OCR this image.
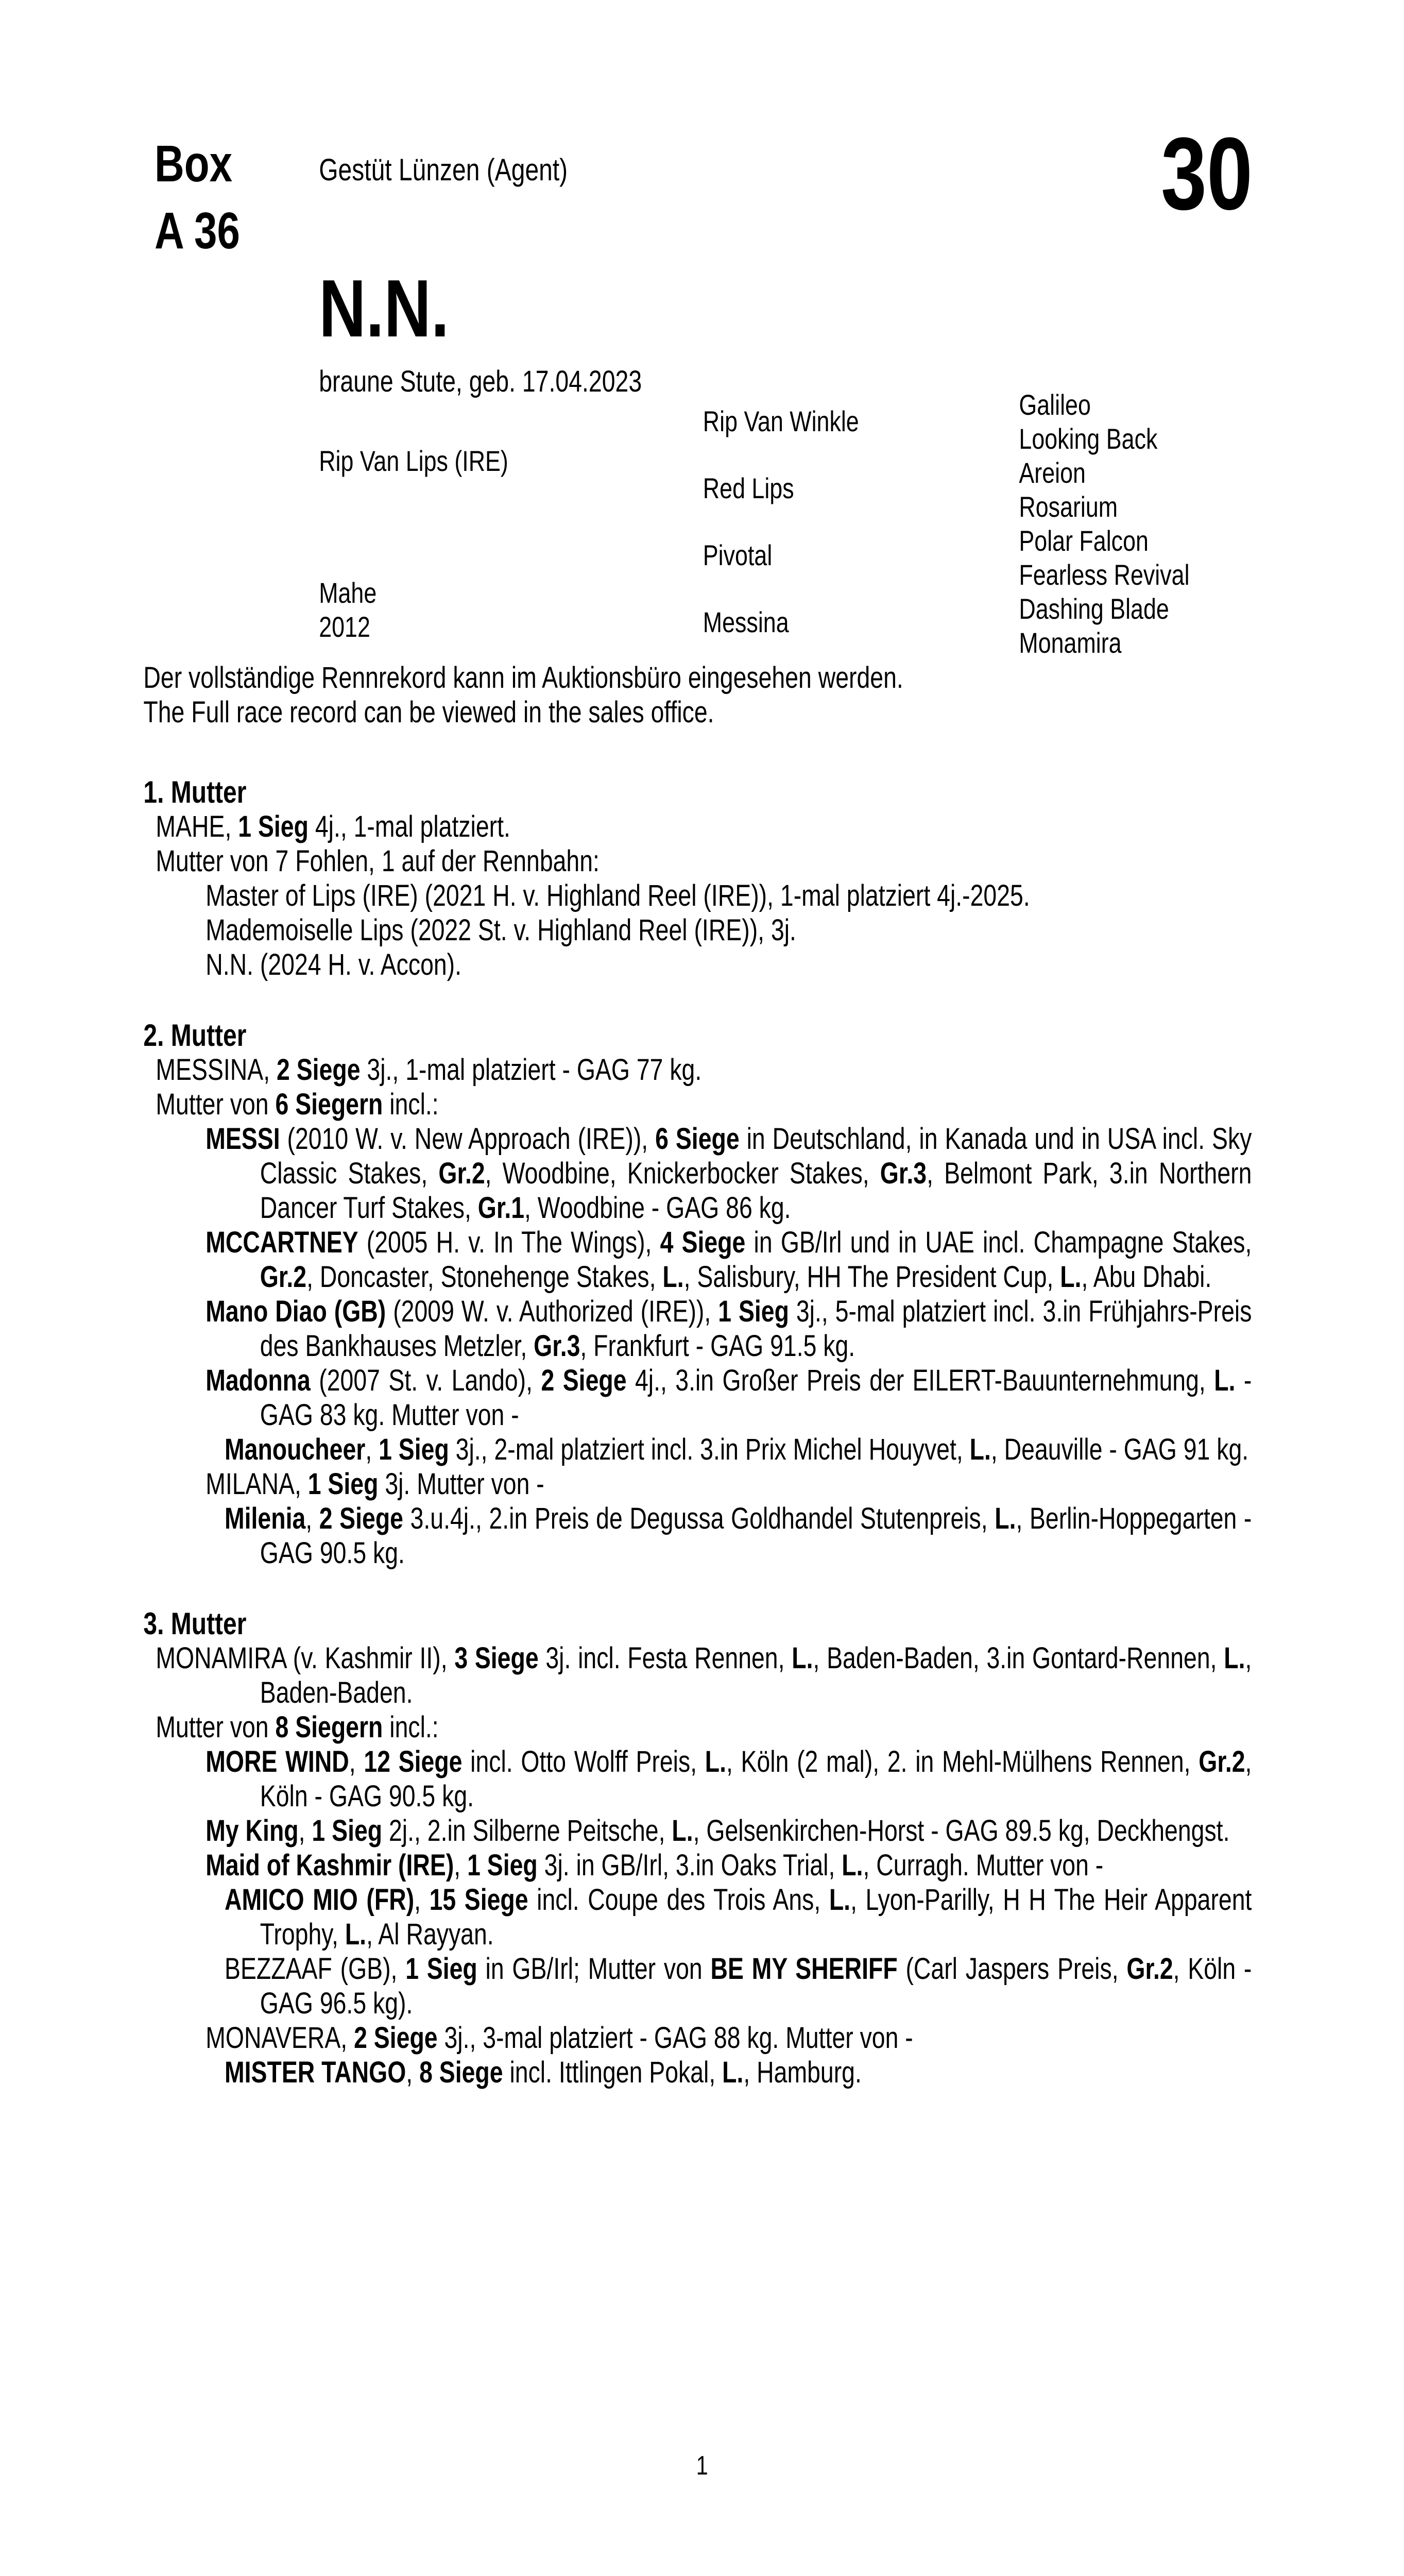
Box
A 36
Gestüt Lünzen (Agent)	30
N.N.
braune Stute, geb. 17.04.2023
Rip Van Lips (IRE)
Mahe
2012
Rip Van Winkle
Red Lips
Pivotal
Messina
Galileo
Looking Back
Areion
Rosarium
Polar Falcon
Fearless Revival
Dashing Blade
Monamira

Der vollständige Rennrekord kann im Auktionsbüro eingesehen werden.

The Full race record can be viewed in the sales office.

1. Mutter

MAHE, 1 Sieg 4j., 1-mal platziert.

Mutter von 7 Fohlen, 1 auf der Rennbahn:

Master of Lips (IRE) (2021 H. v. Highland Reel (IRE)), 1-mal platziert 4j.-2025.

Mademoiselle Lips (2022 St. v. Highland Reel (IRE)), 3j.

N.N. (2024 H. v. Accon).

2. Mutter

MESSINA, 2 Siege 3j., 1-mal platziert - GAG 77 kg.

Mutter von 6 Siegern incl.:

MESSI (2010 W. v. New Approach (IRE)), 6 Siege in Deutschland, in Kanada und in USA incl. Sky Classic Stakes, Gr.2, Woodbine, Knickerbocker Stakes, Gr.3, Belmont Park, 3.in Northern Dancer Turf Stakes, Gr.1, Woodbine - GAG 86 kg.

MCCARTNEY (2005 H. v. In The Wings), 4 Siege in GB/Irl und in UAE incl. Champagne Stakes, Gr.2, Doncaster, Stonehenge Stakes, L., Salisbury, HH The President Cup, L., Abu Dhabi.

Mano Diao (GB) (2009 W. v. Authorized (IRE)), 1 Sieg 3j., 5-mal platziert incl. 3.in Frühjahrs-Preis des Bankhauses Metzler, Gr.3, Frankfurt - GAG 91.5 kg.

Madonna (2007 St. v. Lando), 2 Siege 4j., 3.in Großer Preis der EILERT-Bauunternehmung, L. - GAG 83 kg. Mutter von -

Manoucheer, 1 Sieg 3j., 2-mal platziert incl. 3.in Prix Michel Houyvet, L., Deauville - GAG 91 kg.

MILANA, 1 Sieg 3j. Mutter von -

Milenia, 2 Siege 3.u.4j., 2.in Preis de Degussa Goldhandel Stutenpreis, L., Berlin-Hoppegarten - GAG 90.5 kg.

3. Mutter

MONAMIRA (v. Kashmir II), 3 Siege 3j. incl. Festa Rennen, L., Baden-Baden, 3.in Gontard-Rennen, L., Baden-Baden.

Mutter von 8 Siegern incl.:

MORE WIND, 12 Siege incl. Otto Wolff Preis, L., Köln (2 mal), 2. in Mehl-Mülhens Rennen, Gr.2, Köln - GAG 90.5 kg.

My King, 1 Sieg 2j., 2.in Silberne Peitsche, L., Gelsenkirchen-Horst - GAG 89.5 kg, Deckhengst.

Maid of Kashmir (IRE), 1 Sieg 3j. in GB/Irl, 3.in Oaks Trial, L., Curragh. Mutter von -

AMICO MIO (FR), 15 Siege incl. Coupe des Trois Ans, L., Lyon-Parilly, H H The Heir Apparent Trophy, L., Al Rayyan.

BEZZAAF (GB), 1 Sieg in GB/Irl; Mutter von BE MY SHERIFF (Carl Jaspers Preis, Gr.2, Köln - GAG 96.5 kg).

MONAVERA, 2 Siege 3j., 3-mal platziert - GAG 88 kg. Mutter von -

MISTER TANGO, 8 Siege incl. Ittlingen Pokal, L., Hamburg.

1
